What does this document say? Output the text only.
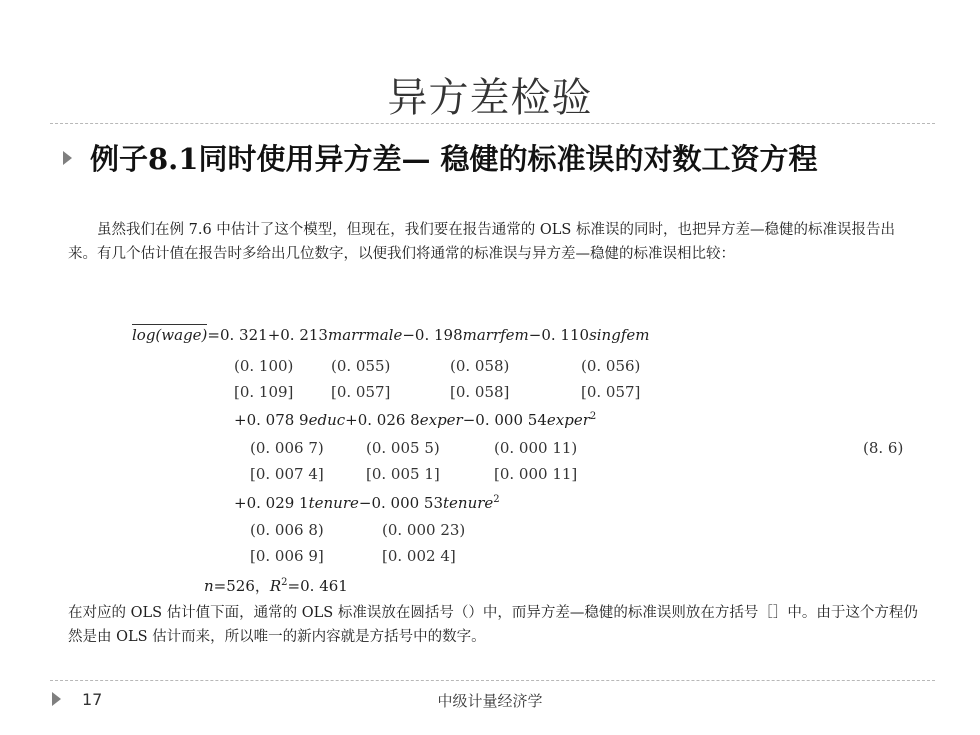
异方差检验
例子8.1同时使用异方差— 稳健的标准误的对数工资方程
虽然我们在例 7.6 中估计了这个模型，但现在，我们要在报告通常的 OLS 标准误的同时，也把异方差—稳健的标准误报告出来。有几个估计值在报告时多给出几位数字，以便我们将通常的标准误与异方差—稳健的标准误相比较：
log(wage)=0. 321+0. 213marrmale−0. 198marrfem−0. 110singfem
(0. 100)	(0. 055)	(0. 058)	(0. 056)
[0. 109]	[0. 057]	[0. 058]	[0. 057]
+0. 078 9educ+0. 026 8exper−0. 000 54exper$^2$
(0. 006 7)	(0. 005 5)	(0. 000 11)	(8. 6)
[0. 007 4]	[0. 005 1]	[0. 000 11]
+0. 029 1tenure−0. 000 53tenure$^2$
(0. 006 8)	(0. 000 23)
[0. 006 9]	[0. 002 4]
n=526，$R^2=0$. 461
在对应的 OLS 估计值下面，通常的 OLS 标准误放在圆括号（）中，而异方差—稳健的标准误则放在方括号［］中。由于这个方程仍然是由 OLS 估计而来，所以唯一的新内容就是方括号中的数字。
17	中级计量经济学
